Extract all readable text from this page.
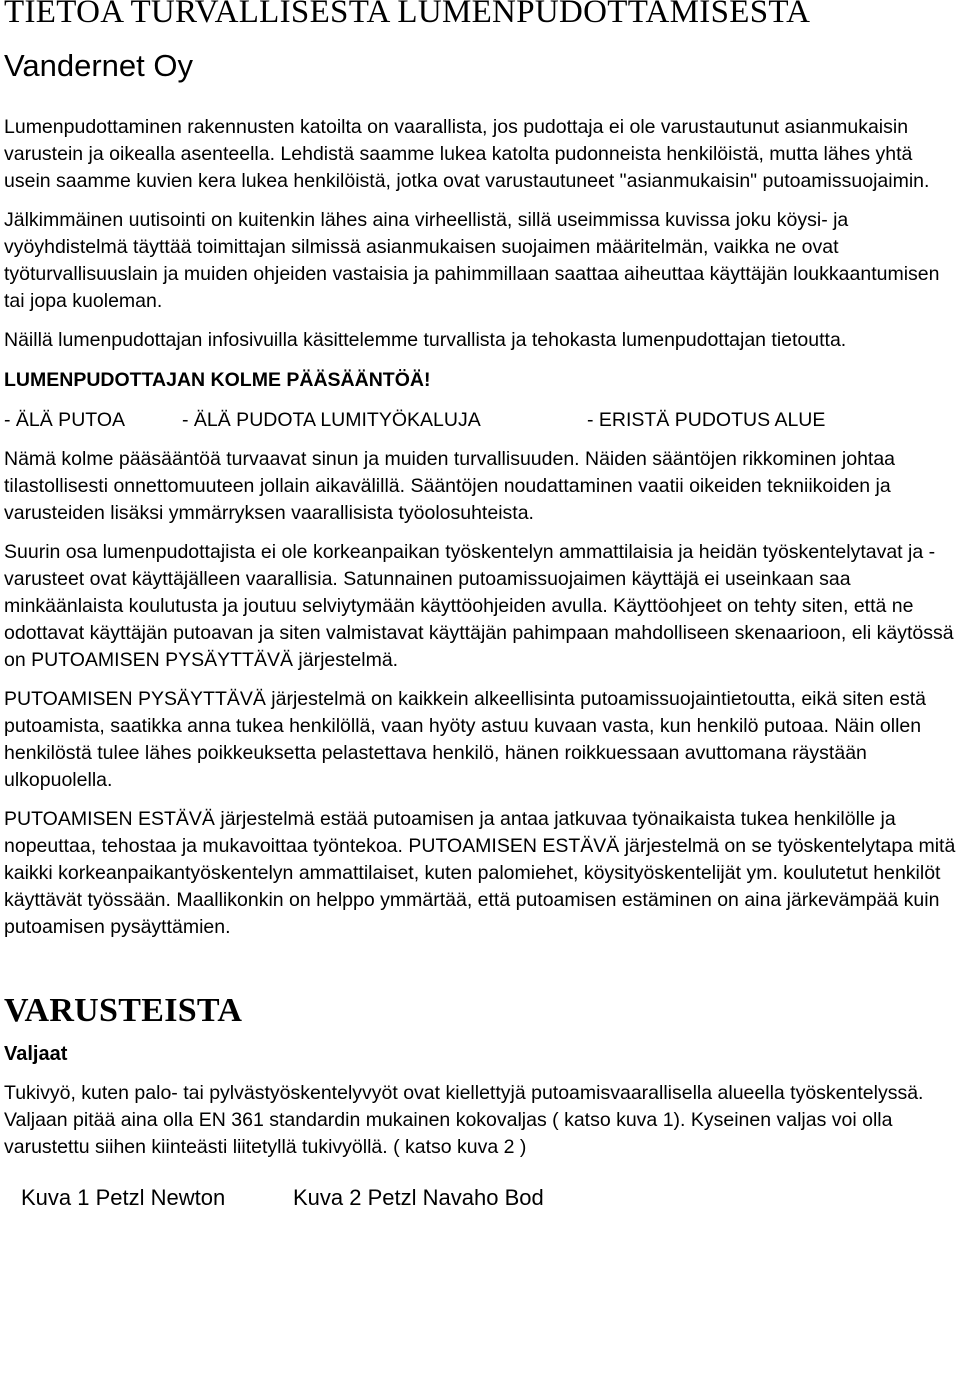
TIETOA TURVALLISESTA LUMENPUDOTTAMISESTA
Vandernet Oy

Lumenpudottaminen rakennusten katoilta on vaarallista, jos pudottaja ei ole varustautunut asianmukaisin varustein ja oikealla asenteella. Lehdistä saamme lukea katolta pudonneista henkilöistä, mutta lähes yhtä usein saamme kuvien kera lukea henkilöistä, jotka ovat varustautuneet "asianmukaisin" putoamissuojaimin.

Jälkimmäinen uutisointi on kuitenkin lähes aina virheellistä, sillä useimmissa kuvissa joku köysi- ja vyöyhdistelmä täyttää toimittajan silmissä asianmukaisen suojaimen määritelmän, vaikka ne ovat työturvallisuuslain ja muiden ohjeiden vastaisia ja pahimmillaan saattaa aiheuttaa käyttäjän loukkaantumisen tai jopa kuoleman.

Näillä lumenpudottajan infosivuilla käsittelemme turvallista ja tehokasta lumenpudottajan tietoutta.

LUMENPUDOTTAJAN KOLME PÄÄSÄÄNTÖÄ!

- ÄLÄ PUTOA	- ÄLÄ PUDOTA LUMITYÖKALUJA	- ERISTÄ PUDOTUS ALUE

Nämä kolme pääsääntöä turvaavat sinun ja muiden turvallisuuden. Näiden sääntöjen rikkominen johtaa tilastollisesti onnettomuuteen jollain aikavälillä. Sääntöjen noudattaminen vaatii oikeiden tekniikoiden ja varusteiden lisäksi ymmärryksen vaarallisista työolosuhteista.

Suurin osa lumenpudottajista ei ole korkeanpaikan työskentelyn ammattilaisia ja heidän työskentelytavat ja -varusteet ovat käyttäjälleen vaarallisia. Satunnainen putoamissuojaimen käyttäjä ei useinkaan saa minkäänlaista koulutusta ja joutuu selviytymään käyttöohjeiden avulla. Käyttöohjeet on tehty siten, että ne odottavat käyttäjän putoavan ja siten valmistavat käyttäjän pahimpaan mahdolliseen skenaarioon, eli käytössä on PUTOAMISEN PYSÄYTTÄVÄ järjestelmä.

PUTOAMISEN PYSÄYTTÄVÄ järjestelmä on kaikkein alkeellisinta putoamissuojaintietoutta, eikä siten estä putoamista, saatikka anna tukea henkilöllä, vaan hyöty astuu kuvaan vasta, kun henkilö putoaa. Näin ollen henkilöstä tulee lähes poikkeuksetta pelastettava henkilö, hänen roikkuessaan avuttomana räystään ulkopuolella.

PUTOAMISEN ESTÄVÄ järjestelmä estää putoamisen ja antaa jatkuvaa työnaikaista tukea henkilölle ja nopeuttaa, tehostaa ja mukavoittaa työntekoa. PUTOAMISEN ESTÄVÄ järjestelmä on se työskentelytapa mitä kaikki korkeanpaikantyöskentelyn ammattilaiset, kuten palomiehet, köysityöskentelijät ym. koulutetut henkilöt käyttävät työssään. Maallikonkin on helppo ymmärtää, että putoamisen estäminen on aina järkevämpää kuin putoamisen pysäyttämien.

VARUSTEISTA
Valjaat

Tukivyö, kuten palo- tai pylvästyöskentelyvyöt ovat kiellettyjä putoamisvaarallisella alueella työskentelyssä. Valjaan pitää aina olla EN 361 standardin mukainen kokovaljas ( katso kuva 1). Kyseinen valjas voi olla varustettu siihen kiinteästi liitetyllä tukivyöllä. ( katso kuva 2 )

Kuva 1 Petzl Newton	Kuva 2 Petzl Navaho Bod
